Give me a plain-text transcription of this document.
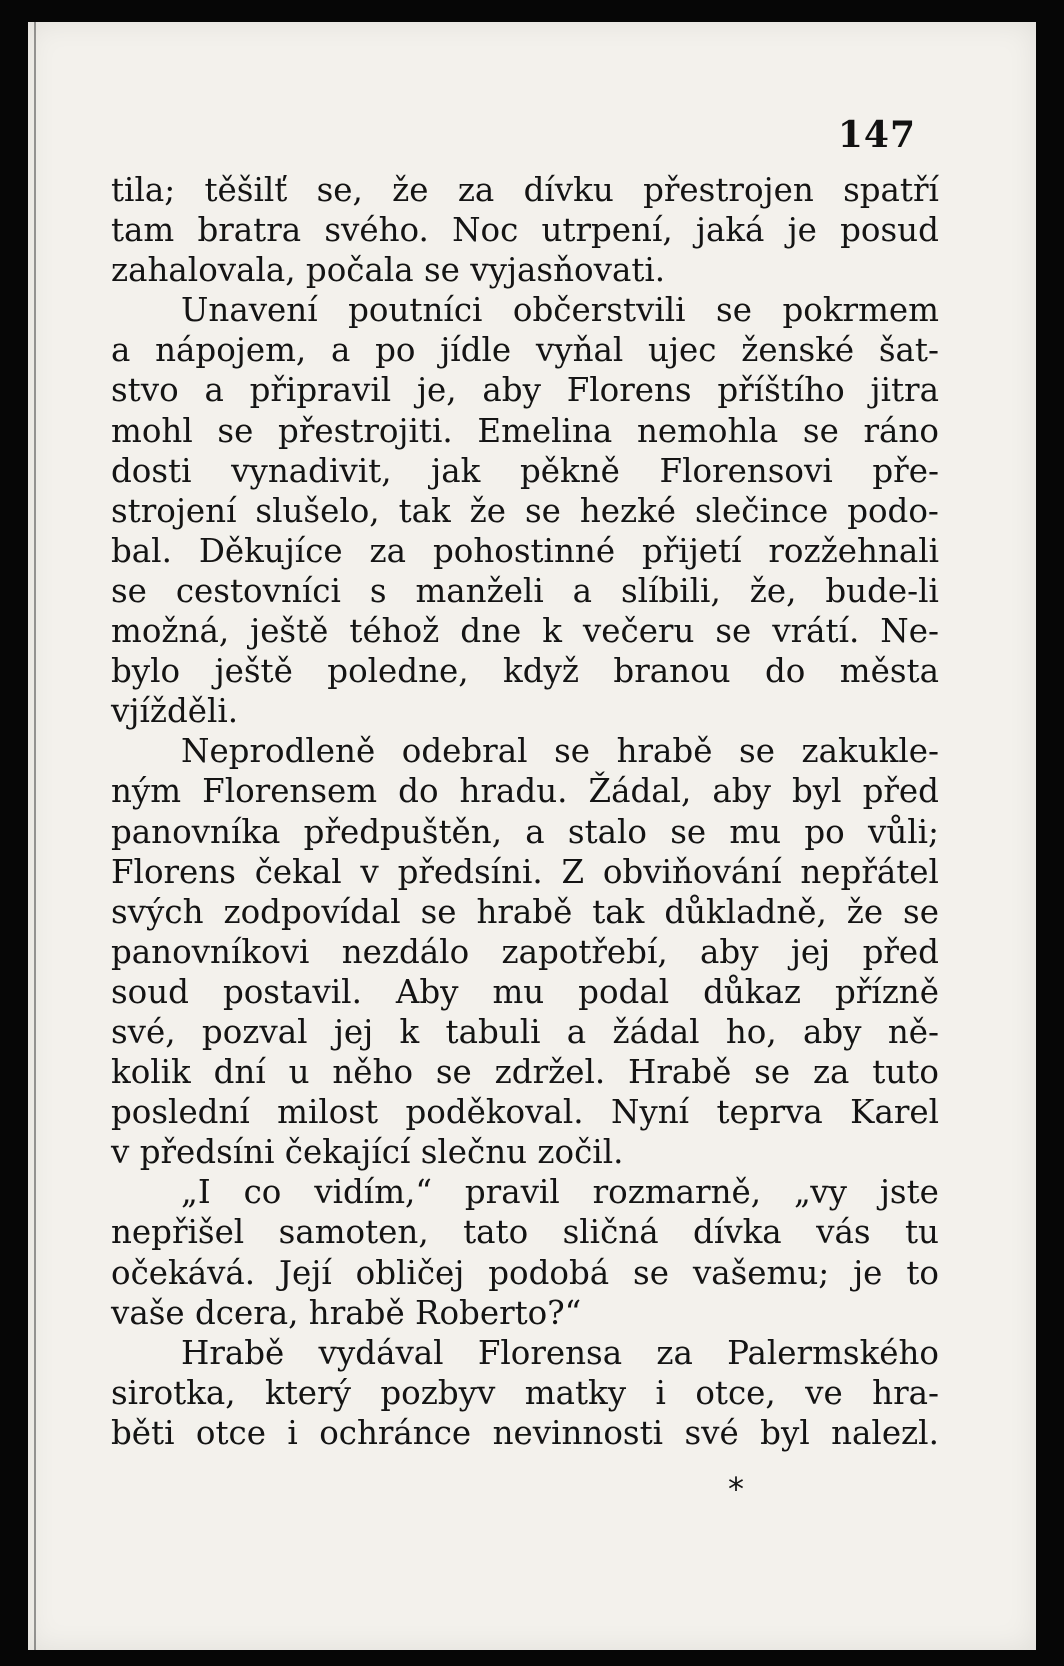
147
tila; těšilť se, že za dívku přestrojen spatří
tam bratra svého. Noc utrpení, jaká je posud
zahalovala, počala se vyjasňovati.
Unavení poutníci občerstvili se pokrmem
a nápojem, a po jídle vyňal ujec ženské šat-
stvo a připravil je, aby Florens příštího jitra
mohl se přestrojiti. Emelina nemohla se ráno
dosti vynadivit, jak pěkně Florensovi pře-
strojení slušelo, tak že se hezké slečince podo-
bal. Děkujíce za pohostinné přijetí rozžehnali
se cestovníci s manželi a slíbili, že, bude-li
možná, ještě téhož dne k večeru se vrátí. Ne-
bylo ještě poledne, když branou do města
vjížděli.
Neprodleně odebral se hrabě se zakukle-
ným Florensem do hradu. Žádal, aby byl před
panovníka předpuštěn, a stalo se mu po vůli;
Florens čekal v předsíni. Z obviňování nepřátel
svých zodpovídal se hrabě tak důkladně, že se
panovníkovi nezdálo zapotřebí, aby jej před
soud postavil. Aby mu podal důkaz přízně
své, pozval jej k tabuli a žádal ho, aby ně-
kolik dní u něho se zdržel. Hrabě se za tuto
poslední milost poděkoval. Nyní teprva Karel
v předsíni čekající slečnu zočil.
„I co vidím,“ pravil rozmarně, „vy jste
nepřišel samoten, tato sličná dívka vás tu
očekává. Její obličej podobá se vašemu; je to
vaše dcera, hrabě Roberto?“
Hrabě vydával Florensa za Palermského
sirotka, který pozbyv matky i otce, ve hra-
běti otce i ochránce nevinnosti své byl nalezl.
*
